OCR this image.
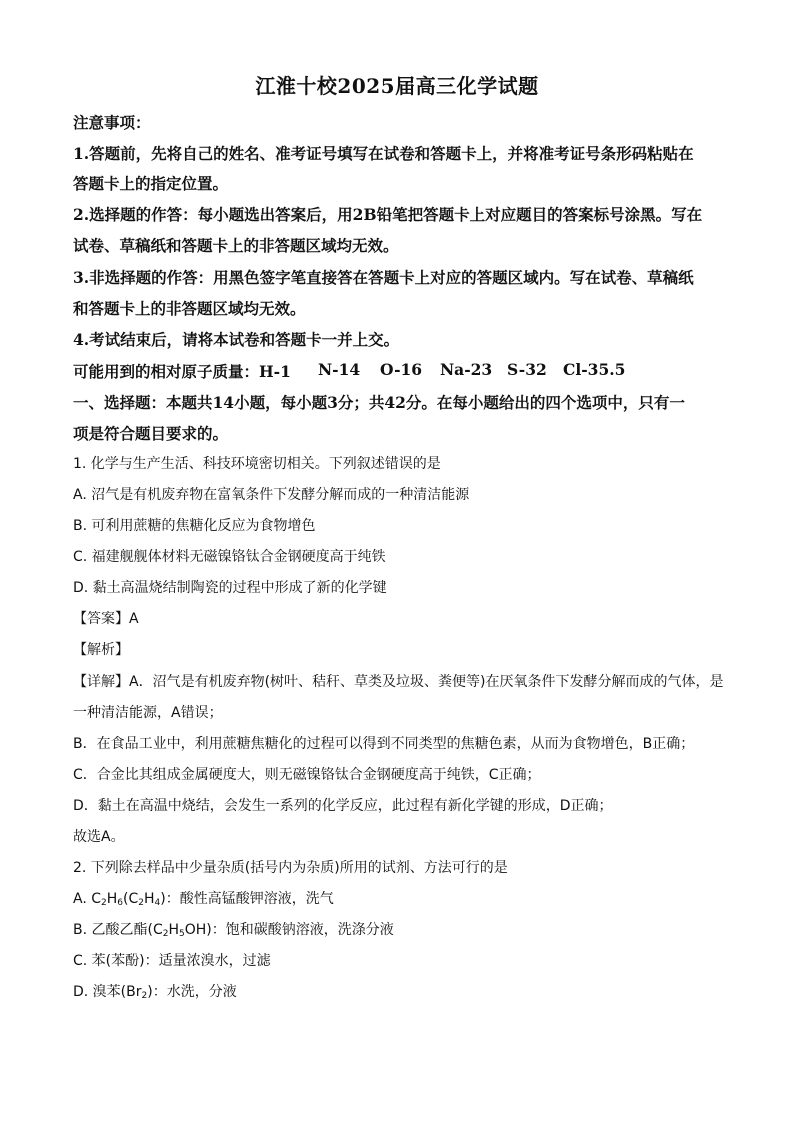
江淮十校2025届高三化学试题
注意事项：
1.答题前，先将自己的姓名、准考证号填写在试卷和答题卡上，并将准考证号条形码粘贴在
答题卡上的指定位置。
2.选择题的作答：每小题选出答案后，用2B铅笔把答题卡上对应题目的答案标号涂黑。写在
试卷、草稿纸和答题卡上的非答题区域均无效。
3.非选择题的作答：用黑色签字笔直接答在答题卡上对应的答题区域内。写在试卷、草稿纸
和答题卡上的非答题区域均无效。
4.考试结束后，请将本试卷和答题卡一并上交。
可能用到的相对原子质量：H-1 N-14 O-16 Na-23 S-32 Cl-35.5
一、选择题：本题共14小题，每小题3分；共42分。在每小题给出的四个选项中，只有一
项是符合题目要求的。
1. 化学与生产生活、科技环境密切相关。下列叙述错误的是
A. 沼气是有机废弃物在富氧条件下发酵分解而成的一种清洁能源
B. 可利用蔗糖的焦糖化反应为食物增色
C. 福建舰舰体材料无磁镍铬钛合金钢硬度高于纯铁
D. 黏土高温烧结制陶瓷的过程中形成了新的化学键
【答案】A
【解析】
【详解】A．沼气是有机废弃物(树叶、秸秆、草类及垃圾、粪便等)在厌氧条件下发酵分解而成的气体，是
一种清洁能源，A错误；
B．在食品工业中，利用蔗糖焦糖化的过程可以得到不同类型的焦糖色素，从而为食物增色，B正确；
C．合金比其组成金属硬度大，则无磁镍铬钛合金钢硬度高于纯铁，C正确；
D．黏土在高温中烧结，会发生一系列的化学反应，此过程有新化学键的形成，D正确；
故选A。
2. 下列除去样品中少量杂质(括号内为杂质)所用的试剂、方法可行的是
A. $C_2H_6(C_2H_4)$：酸性高锰酸钾溶液，洗气
B. 乙酸乙酯$(C_2H_5OH)$：饱和碳酸钠溶液，洗涤分液
C. 苯(苯酚)：适量浓溴水，过滤
D. 溴苯$(Br_2)$：水洗，分液
